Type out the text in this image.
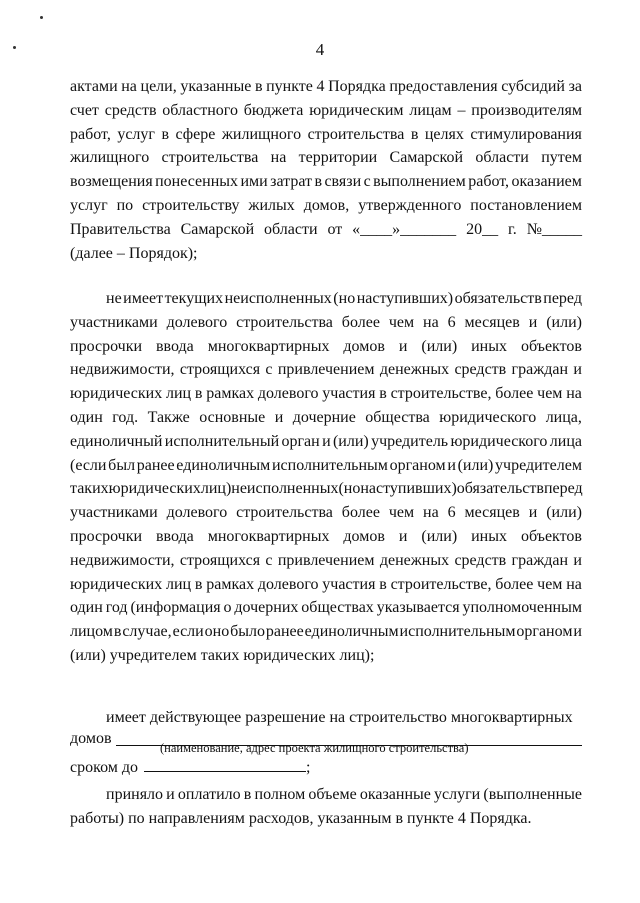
4
актами на цели, указанные в пункте 4 Порядка предоставления субсидий за
счет средств областного бюджета юридическим лицам – производителям
работ, услуг в сфере жилищного строительства в целях стимулирования
жилищного строительства на территории Самарской области путем
возмещения понесенных ими затрат в связи с выполнением работ, оказанием
услуг по строительству жилых домов, утвержденного постановлением
Правительства Самарской области от «____»_______ 20__ г. №_____
(далее – Порядок);
не имеет текущих неисполненных (но наступивших) обязательств перед
участниками долевого строительства более чем на 6 месяцев и (или)
просрочки ввода многоквартирных домов и (или) иных объектов
недвижимости, строящихся с привлечением денежных средств граждан и
юридических лиц в рамках долевого участия в строительстве, более чем на
один год. Также основные и дочерние общества юридического лица,
единоличный исполнительный орган и (или) учредитель юридического лица
(если был ранее единоличным исполнительным органом и (или) учредителем
таких юридических лиц) неисполненных (но наступивших) обязательств перед
участниками долевого строительства более чем на 6 месяцев и (или)
просрочки ввода многоквартирных домов и (или) иных объектов
недвижимости, строящихся с привлечением денежных средств граждан и
юридических лиц в рамках долевого участия в строительстве, более чем на
один год (информация о дочерних обществах указывается уполномоченным
лицом в случае, если оно было ранее единоличным исполнительным органом и
(или) учредителем таких юридических лиц);
имеет действующее разрешение на строительство многоквартирных
домов
(наименование, адрес проекта жилищного строительства)
сроком до	;
приняло и оплатило в полном объеме оказанные услуги (выполненные
работы) по направлениям расходов, указанным в пункте 4 Порядка.
